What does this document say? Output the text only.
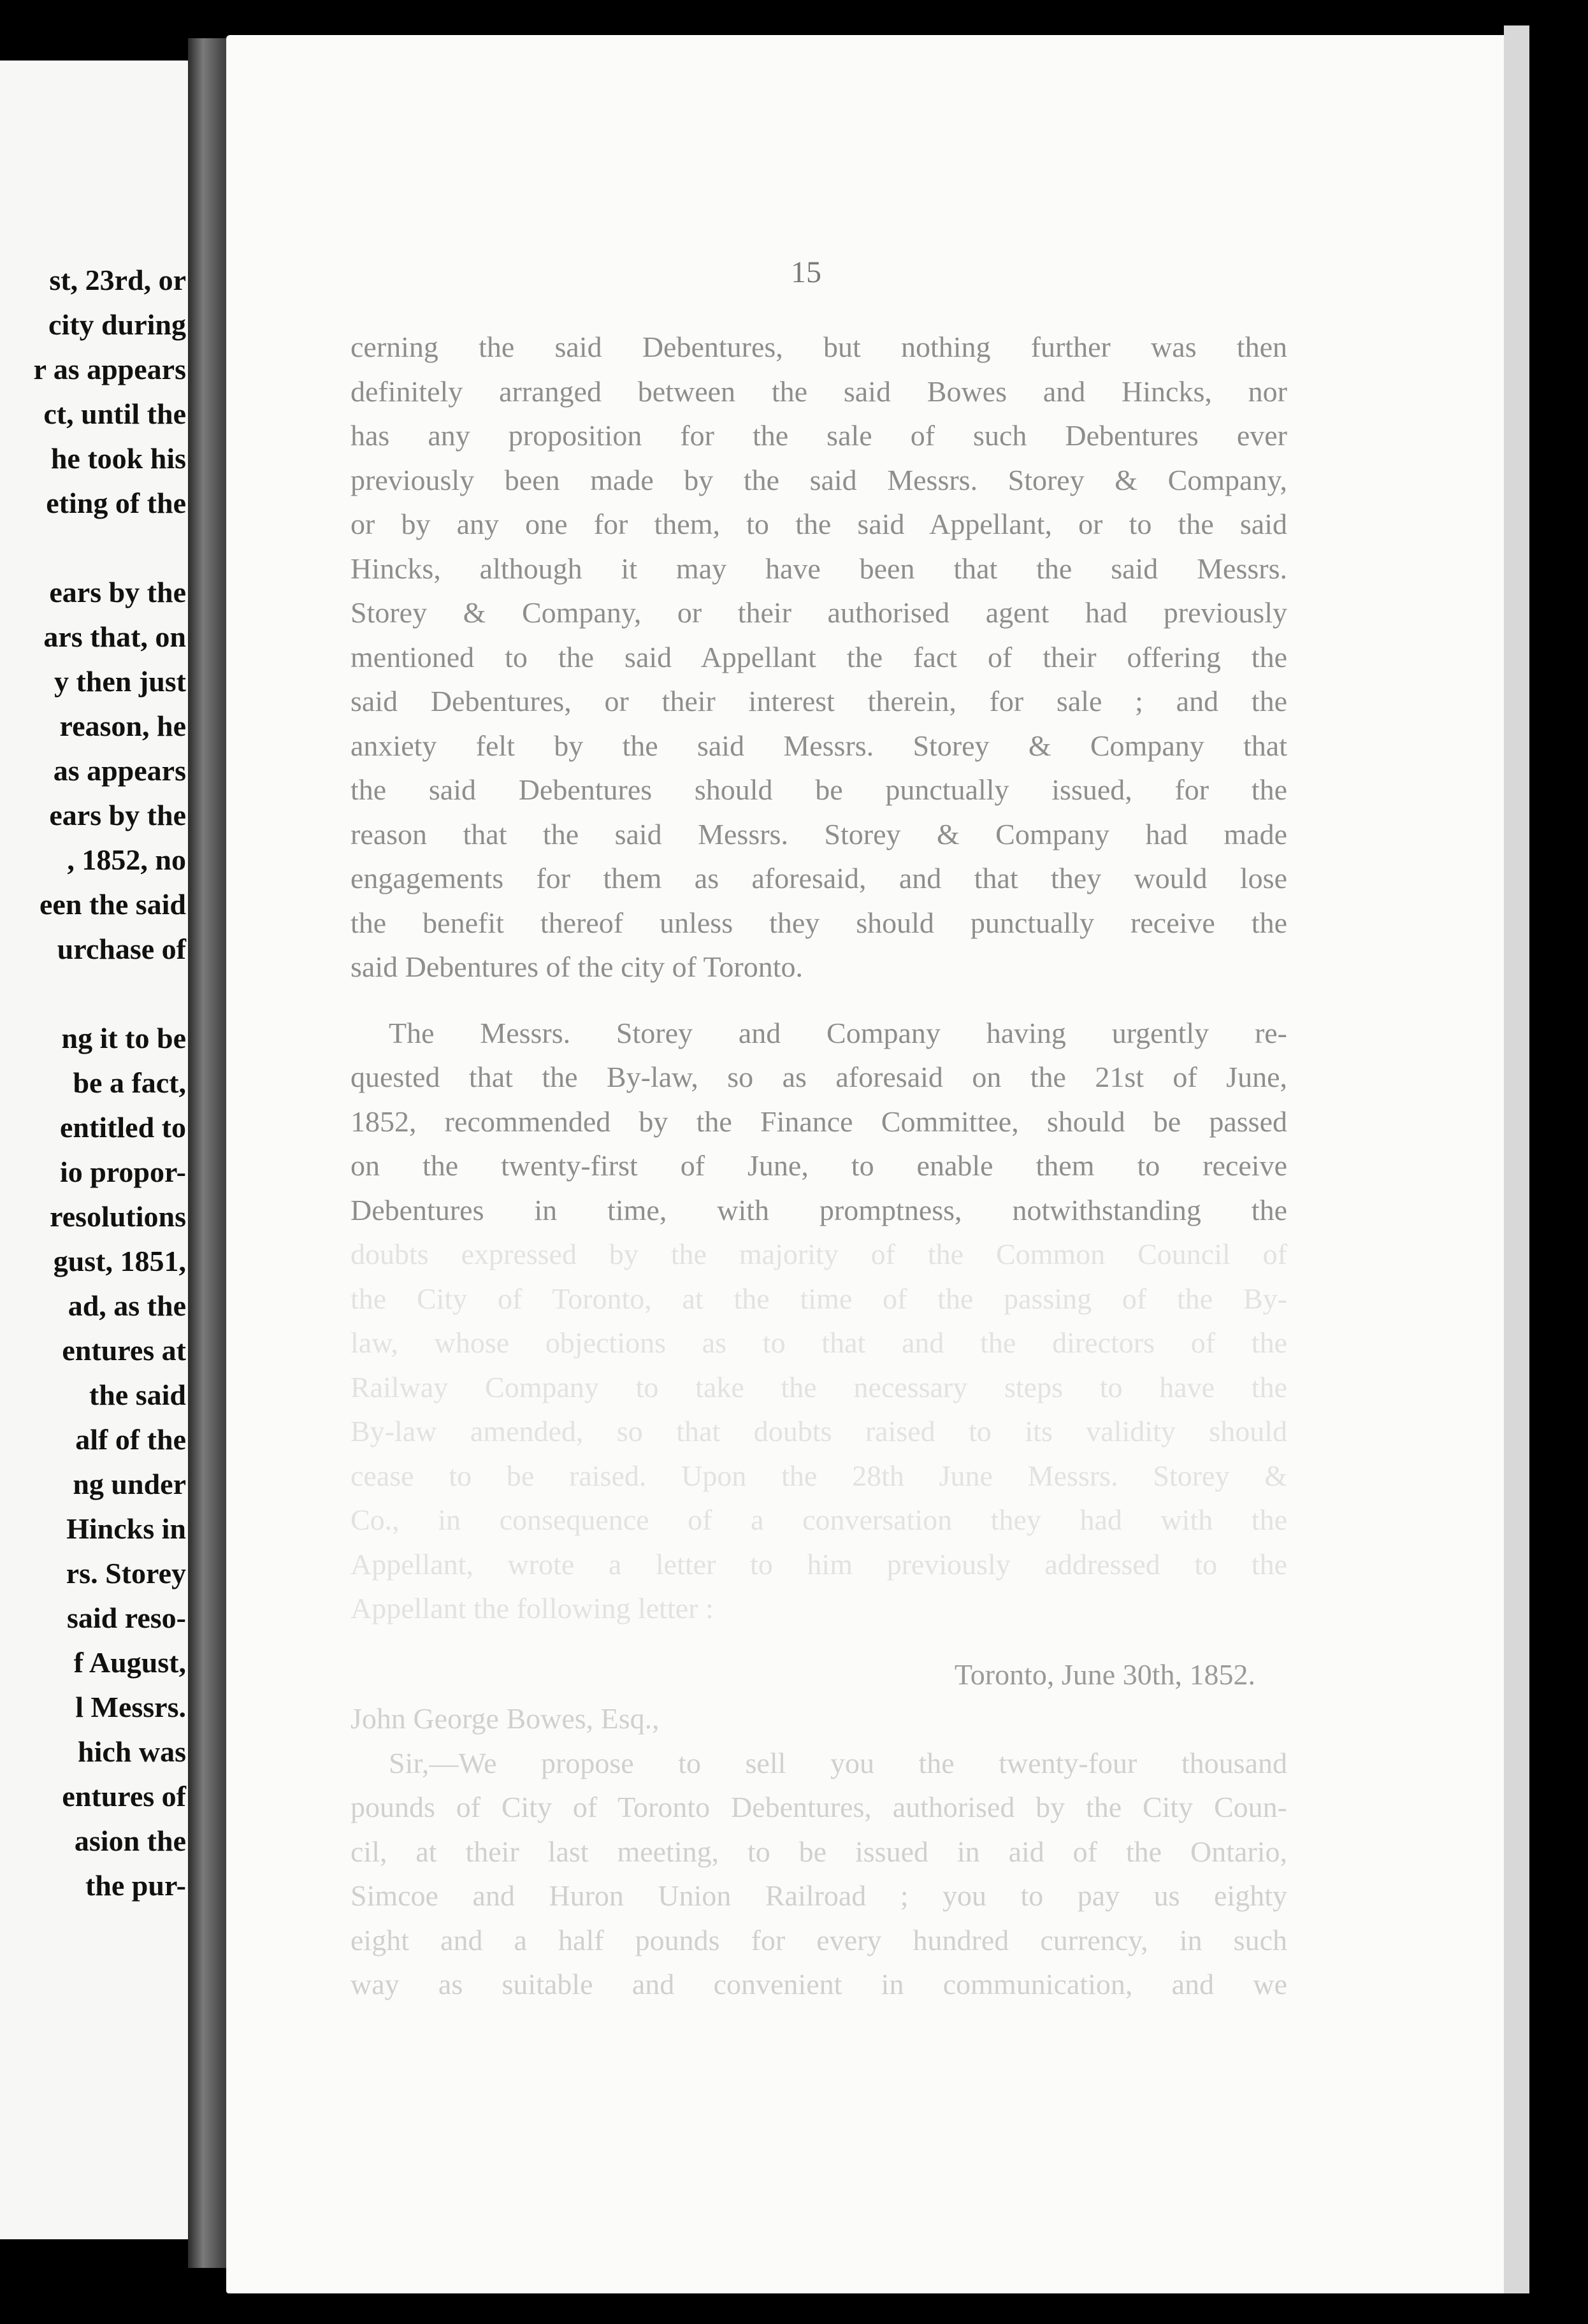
st, 23rd, or
city during
r as appears
ct, until the
he took his
eting of the
ears by the
ars that, on
y then just
reason, he
as appears
ears by the
, 1852, no
een the said
urchase of
ng it to be
be a fact,
entitled to
io propor-
resolutions
gust, 1851,
ad, as the
entures at
the said
alf of the
ng under
Hincks in
rs. Storey
said reso-
f August,
l Messrs.
hich was
entures of
asion the
the pur-
15
cerning the said Debentures, but nothing further was then
definitely arranged between the said Bowes and Hincks, nor
has any proposition for the sale of such Debentures ever
previously been made by the said Messrs. Storey & Company,
or by any one for them, to the said Appellant, or to the said
Hincks, although it may have been that the said Messrs.
Storey & Company, or their authorised agent had previously
mentioned to the said Appellant the fact of their offering the
said Debentures, or their interest therein, for sale ; and the
anxiety felt by the said Messrs. Storey & Company that
the said Debentures should be punctually issued, for the
reason that the said Messrs. Storey & Company had made
engagements for them as aforesaid, and that they would lose
the benefit thereof unless they should punctually receive the
said Debentures of the city of Toronto.
The Messrs. Storey and Company having urgently re-
quested that the By-law, so as aforesaid on the 21st of June,
1852, recommended by the Finance Committee, should be passed
on the twenty-first of June, to enable them to receive
Debentures in time, with promptness, notwithstanding the
doubts expressed by the majority of the Common Council of
the City of Toronto, at the time of the passing of the By-
law, whose objections as to that and the directors of the
Railway Company to take the necessary steps to have the
By-law amended, so that doubts raised to its validity should
cease to be raised. Upon the 28th June Messrs. Storey &
Co., in consequence of a conversation they had with the
Appellant, wrote a letter to him previously addressed to the
Appellant the following letter :
Toronto, June 30th, 1852.
John George Bowes, Esq.,
Sir,—We propose to sell you the twenty-four thousand
pounds of City of Toronto Debentures, authorised by the City Coun-
cil, at their last meeting, to be issued in aid of the Ontario,
Simcoe and Huron Union Railroad ; you to pay us eighty
eight and a half pounds for every hundred currency, in such
way as suitable and convenient in communication, and we
